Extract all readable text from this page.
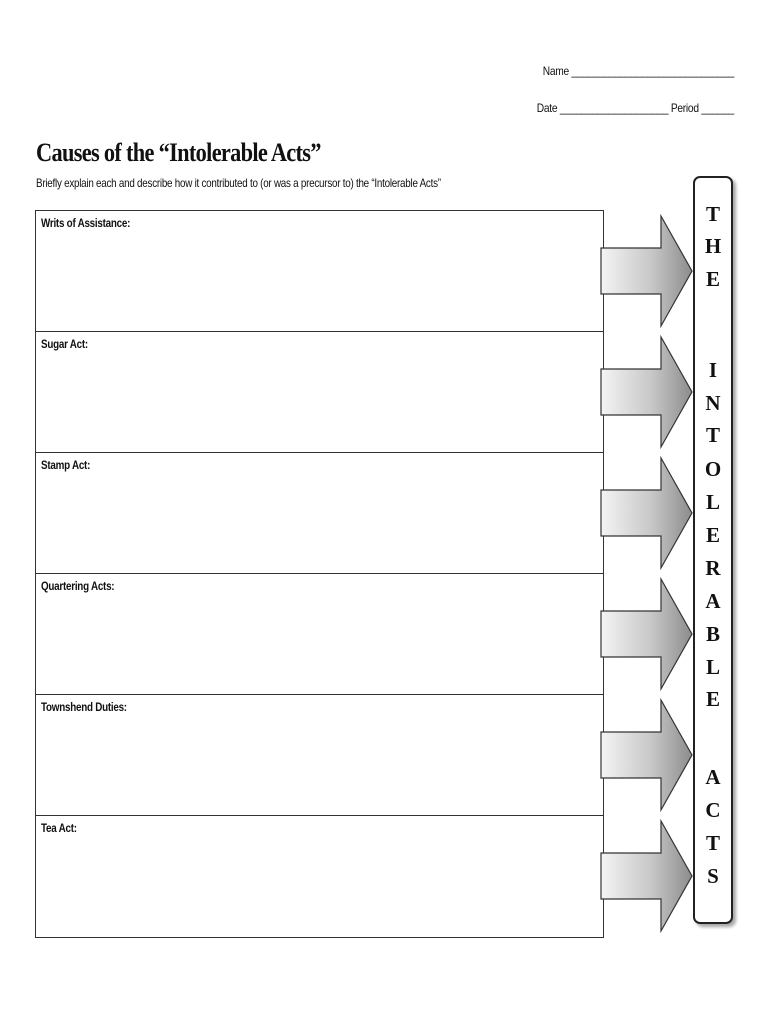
Name ______________________________
Date ____________________ Period ______
Causes of the “Intolerable Acts”
Briefly explain each and describe how it contributed to (or was a precursor to) the “Intolerable Acts”
Writs of Assistance:
Sugar Act:
Stamp Act:
Quartering Acts:
Townshend Duties:
Tea Act:
T
H
E
I
N
T
O
L
E
R
A
B
L
E
A
C
T
S
